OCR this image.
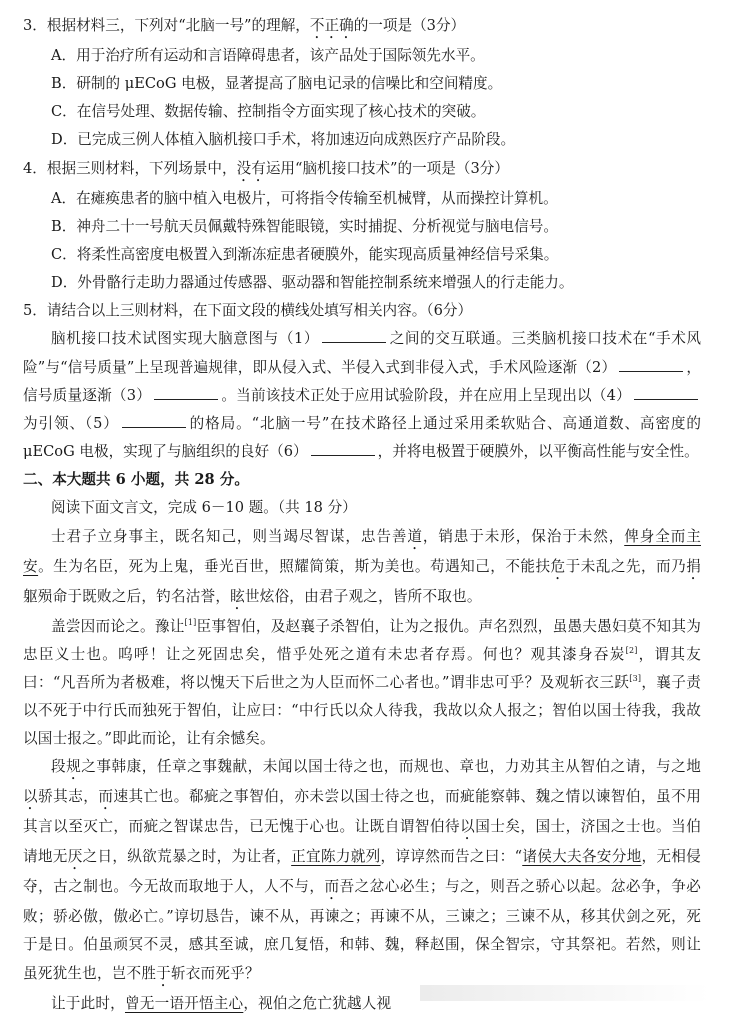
3．根据材料三，下列对“北脑一号”的理解，不正确的一项是（3分）

A．用于治疗所有运动和言语障碍患者，该产品处于国际领先水平。

B．研制的 μECoG 电极，显著提高了脑电记录的信噪比和空间精度。

C．在信号处理、数据传输、控制指令方面实现了核心技术的突破。

D．已完成三例人体植入脑机接口手术，将加速迈向成熟医疗产品阶段。

4．根据三则材料，下列场景中，没有运用“脑机接口技术”的一项是（3分）

A．在瘫痪患者的脑中植入电极片，可将指令传输至机械臂，从而操控计算机。

B．神舟二十一号航天员佩戴特殊智能眼镜，实时捕捉、分析视觉与脑电信号。

C．将柔性高密度电极置入到渐冻症患者硬膜外，能实现高质量神经信号采集。

D．外骨骼行走助力器通过传感器、驱动器和智能控制系统来增强人的行走能力。

5．请结合以上三则材料，在下面文段的横线处填写相关内容。（6分）

脑机接口技术试图实现大脑意图与（1）	之间的交互联通。三类脑机接口技术在“手术风险”与“信号质量”上呈现普遍规律，即从侵入式、半侵入式到非侵入式，手术风险逐渐（2）	，信号质量逐渐（3）	。当前该技术正处于应用试验阶段，并在应用上呈现出以（4）为引领、（5）	的格局。“北脑一号”在技术路径上通过采用柔软贴合、高通道数、高密度的 μECoG 电极，实现了与脑组织的良好（6）	，并将电极置于硬膜外，以平衡高性能与安全性。

二、本大题共 6 小题，共 28 分。

阅读下面文言文，完成 6－10 题。（共 18 分）

士君子立身事主，既名知己，则当竭尽智谋，忠告善道，销患于未形，保治于未然，俾身全而主安。生为名臣，死为上鬼，垂光百世，照耀简策，斯为美也。苟遇知己，不能扶危于未乱之先，而乃捐躯殒命于既败之后，钓名沽誉，眩世炫俗，由君子观之，皆所不取也。

盖尝因而论之。豫让[1]臣事智伯，及赵襄子杀智伯，让为之报仇。声名烈烈，虽愚夫愚妇莫不知其为忠臣义士也。呜呼！让之死固忠矣，惜乎处死之道有未忠者存焉。何也？观其漆身吞炭[2]，谓其友曰：“凡吾所为者极难，将以愧天下后世之为人臣而怀二心者也。”谓非忠可乎？及观斩衣三跃[3]，襄子责以不死于中行氏而独死于智伯，让应曰：“中行氏以众人待我，我故以众人报之；智伯以国士待我，我故以国士报之。”即此而论，让有余憾矣。

段规之事韩康，任章之事魏献，未闻以国士待之也，而规也、章也，力劝其主从智伯之请，与之地以骄其志，而速其亡也。郗疵之事智伯，亦未尝以国士待之也，而疵能察韩、魏之情以谏智伯，虽不用其言以至灭亡，而疵之智谋忠告，已无愧于心也。让既自谓智伯待以国士矣，国士，济国之士也。当伯请地无厌之日，纵欲荒暴之时，为让者，正宜陈力就列，谆谆然而告之曰：“诸侯大夫各安分地，无相侵夺，古之制也。今无故而取地于人，人不与，而吾之忿心必生；与之，则吾之骄心以起。忿必争，争必败；骄必傲，傲必亡。”谆切恳告，谏不从，再谏之；再谏不从，三谏之；三谏不从，移其伏剑之死，死于是日。伯虽顽冥不灵，感其至诚，庶几复悟，和韩、魏，释赵围，保全智宗，守其祭祀。若然，则让虽死犹生也，岂不胜于斩衣而死乎？

让于此时，曾无一语开悟主心，视伯之危亡犹越人视
